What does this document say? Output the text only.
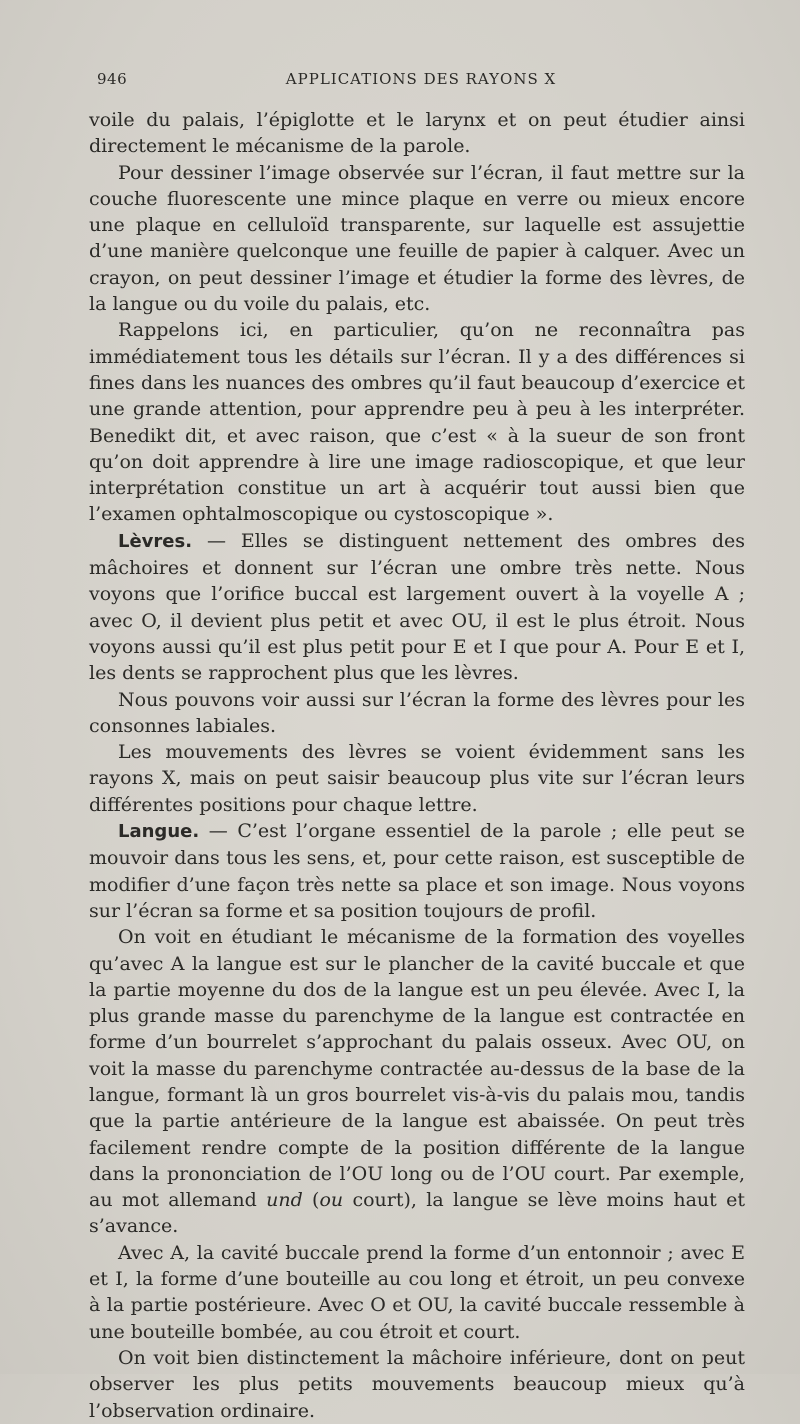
946	APPLICATIONS DES RAYONS X

voile du palais, l’épiglotte et le larynx et on peut étudier ainsi directement le mécanisme de la parole.

Pour dessiner l’image observée sur l’écran, il faut mettre sur la couche fluorescente une mince plaque en verre ou mieux encore une plaque en celluloïd transparente, sur laquelle est assujettie d’une manière quelconque une feuille de papier à calquer. Avec un crayon, on peut dessiner l’image et étudier la forme des lèvres, de la langue ou du voile du palais, etc.

Rappelons ici, en particulier, qu’on ne reconnaîtra pas immédiatement tous les détails sur l’écran. Il y a des différences si fines dans les nuances des ombres qu’il faut beaucoup d’exercice et une grande attention, pour apprendre peu à peu à les interpréter. Benedikt dit, et avec raison, que c’est « à la sueur de son front qu’on doit apprendre à lire une image radioscopique, et que leur interprétation constitue un art à acquérir tout aussi bien que l’examen ophtalmoscopique ou cystoscopique ».

Lèvres. — Elles se distinguent nettement des ombres des mâchoires et donnent sur l’écran une ombre très nette. Nous voyons que l’orifice buccal est largement ouvert à la voyelle A ; avec O, il devient plus petit et avec OU, il est le plus étroit. Nous voyons aussi qu’il est plus petit pour E et I que pour A. Pour E et I, les dents se rapprochent plus que les lèvres.

Nous pouvons voir aussi sur l’écran la forme des lèvres pour les consonnes labiales.

Les mouvements des lèvres se voient évidemment sans les rayons X, mais on peut saisir beaucoup plus vite sur l’écran leurs différentes positions pour chaque lettre.

Langue. — C’est l’organe essentiel de la parole ; elle peut se mouvoir dans tous les sens, et, pour cette raison, est susceptible de modifier d’une façon très nette sa place et son image. Nous voyons sur l’écran sa forme et sa position toujours de profil.

On voit en étudiant le mécanisme de la formation des voyelles qu’avec A la langue est sur le plancher de la cavité buccale et que la partie moyenne du dos de la langue est un peu élevée. Avec I, la plus grande masse du parenchyme de la langue est contractée en forme d’un bourrelet s’approchant du palais osseux. Avec OU, on voit la masse du parenchyme contractée au-dessus de la base de la langue, formant là un gros bourrelet vis-à-vis du palais mou, tandis que la partie antérieure de la langue est abaissée. On peut très facilement rendre compte de la position différente de la langue dans la prononciation de l’OU long ou de l’OU court. Par exemple, au mot allemand und (ou court), la langue se lève moins haut et s’avance.

Avec A, la cavité buccale prend la forme d’un entonnoir ; avec E et I, la forme d’une bouteille au cou long et étroit, un peu convexe à la partie postérieure. Avec O et OU, la cavité buccale ressemble à une bouteille bombée, au cou étroit et court.

On voit bien distinctement la mâchoire inférieure, dont on peut observer les plus petits mouvements beaucoup mieux qu’à l’observation ordinaire.
